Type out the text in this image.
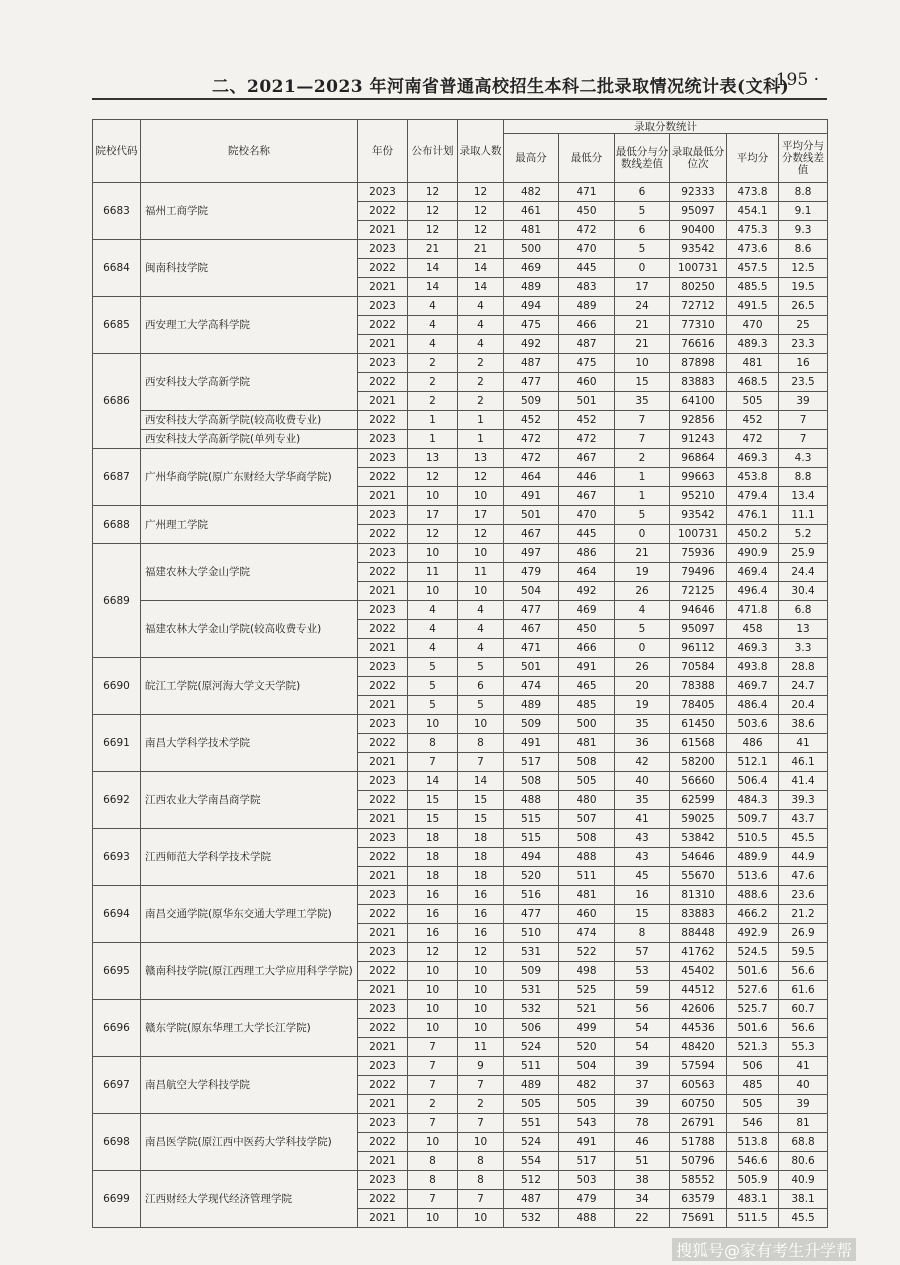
二、2021—2023 年河南省普通高校招生本科二批录取情况统计表(文科)
· 195 ·
院校代码	院校名称	年份	公布计划	录取人数	录取分数统计					
					最高分	最低分	最低分与分数线差值	录取最低分位次	平均分	平均分与分数线差值
6683	福州工商学院	2023	12	12	482	471	6	92333	473.8	8.8
		2022	12	12	461	450	5	95097	454.1	9.1
		2021	12	12	481	472	6	90400	475.3	9.3
6684	闽南科技学院	2023	21	21	500	470	5	93542	473.6	8.6
		2022	14	14	469	445	0	100731	457.5	12.5
		2021	14	14	489	483	17	80250	485.5	19.5
6685	西安理工大学高科学院	2023	4	4	494	489	24	72712	491.5	26.5
		2022	4	4	475	466	21	77310	470	25
		2021	4	4	492	487	21	76616	489.3	23.3
6686	西安科技大学高新学院	2023	2	2	487	475	10	87898	481	16
		2022	2	2	477	460	15	83883	468.5	23.5
		2021	2	2	509	501	35	64100	505	39
	西安科技大学高新学院(较高收费专业)	2022	1	1	452	452	7	92856	452	7
	西安科技大学高新学院(单列专业)	2023	1	1	472	472	7	91243	472	7
6687	广州华商学院(原广东财经大学华商学院)	2023	13	13	472	467	2	96864	469.3	4.3
		2022	12	12	464	446	1	99663	453.8	8.8
		2021	10	10	491	467	1	95210	479.4	13.4
6688	广州理工学院	2023	17	17	501	470	5	93542	476.1	11.1
		2022	12	12	467	445	0	100731	450.2	5.2
6689	福建农林大学金山学院	2023	10	10	497	486	21	75936	490.9	25.9
		2022	11	11	479	464	19	79496	469.4	24.4
		2021	10	10	504	492	26	72125	496.4	30.4
	福建农林大学金山学院(较高收费专业)	2023	4	4	477	469	4	94646	471.8	6.8
		2022	4	4	467	450	5	95097	458	13
		2021	4	4	471	466	0	96112	469.3	3.3
6690	皖江工学院(原河海大学文天学院)	2023	5	5	501	491	26	70584	493.8	28.8
		2022	5	6	474	465	20	78388	469.7	24.7
		2021	5	5	489	485	19	78405	486.4	20.4
6691	南昌大学科学技术学院	2023	10	10	509	500	35	61450	503.6	38.6
		2022	8	8	491	481	36	61568	486	41
		2021	7	7	517	508	42	58200	512.1	46.1
6692	江西农业大学南昌商学院	2023	14	14	508	505	40	56660	506.4	41.4
		2022	15	15	488	480	35	62599	484.3	39.3
		2021	15	15	515	507	41	59025	509.7	43.7
6693	江西师范大学科学技术学院	2023	18	18	515	508	43	53842	510.5	45.5
		2022	18	18	494	488	43	54646	489.9	44.9
		2021	18	18	520	511	45	55670	513.6	47.6
6694	南昌交通学院(原华东交通大学理工学院)	2023	16	16	516	481	16	81310	488.6	23.6
		2022	16	16	477	460	15	83883	466.2	21.2
		2021	16	16	510	474	8	88448	492.9	26.9
6695	赣南科技学院(原江西理工大学应用科学学院)	2023	12	12	531	522	57	41762	524.5	59.5
		2022	10	10	509	498	53	45402	501.6	56.6
		2021	10	10	531	525	59	44512	527.6	61.6
6696	赣东学院(原东华理工大学长江学院)	2023	10	10	532	521	56	42606	525.7	60.7
		2022	10	10	506	499	54	44536	501.6	56.6
		2021	7	11	524	520	54	48420	521.3	55.3
6697	南昌航空大学科技学院	2023	7	9	511	504	39	57594	506	41
		2022	7	7	489	482	37	60563	485	40
		2021	2	2	505	505	39	60750	505	39
6698	南昌医学院(原江西中医药大学科技学院)	2023	7	7	551	543	78	26791	546	81
		2022	10	10	524	491	46	51788	513.8	68.8
		2021	8	8	554	517	51	50796	546.6	80.6
6699	江西财经大学现代经济管理学院	2023	8	8	512	503	38	58552	505.9	40.9
		2022	7	7	487	479	34	63579	483.1	38.1
		2021	10	10	532	488	22	75691	511.5	45.5
搜狐号@家有考生升学帮
